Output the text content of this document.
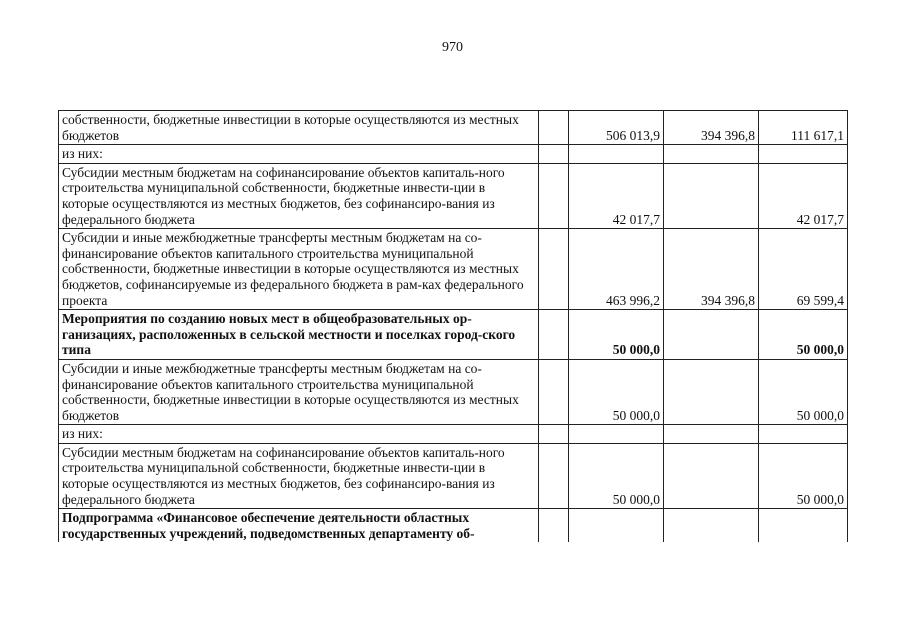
970
собственности, бюджетные инвестиции в которые осуществляются из местных бюджетов		506 013,9	394 396,8	111 617,1
из них:				
Субсидии местным бюджетам на софинансирование объектов капиталь-ного строительства муниципальной собственности, бюджетные инвести-ции в которые осуществляются из местных бюджетов, без софинансиро-вания из федерального бюджета		42 017,7		42 017,7
Субсидии и иные межбюджетные трансферты местным бюджетам на со-финансирование объектов капитального строительства муниципальной собственности, бюджетные инвестиции в которые осуществляются из местных бюджетов, софинансируемые из федерального бюджета в рам-ках федерального проекта		463 996,2	394 396,8	69 599,4
Мероприятия по созданию новых мест в общеобразовательных ор-ганизациях, расположенных в сельской местности и поселках город-ского типа		50 000,0		50 000,0
Субсидии и иные межбюджетные трансферты местным бюджетам на со-финансирование объектов капитального строительства муниципальной собственности, бюджетные инвестиции в которые осуществляются из местных бюджетов		50 000,0		50 000,0
из них:				
Субсидии местным бюджетам на софинансирование объектов капиталь-ного строительства муниципальной собственности, бюджетные инвести-ции в которые осуществляются из местных бюджетов, без софинансиро-вания из федерального бюджета		50 000,0		50 000,0
Подпрограмма «Финансовое обеспечение деятельности областных государственных учреждений, подведомственных департаменту об-				
